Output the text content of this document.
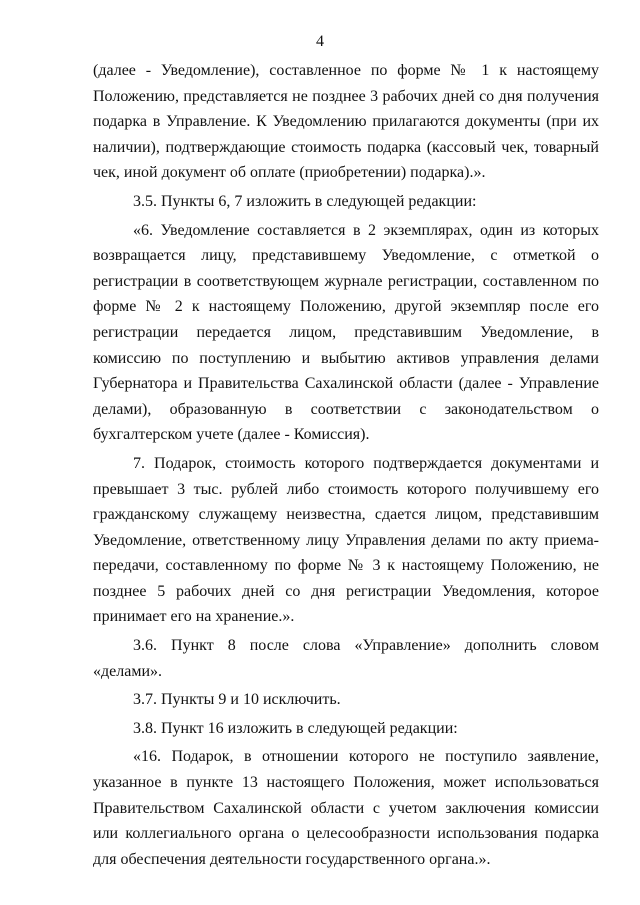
4

(далее - Уведомление), составленное по форме № 1 к настоящему Положению, представляется не позднее 3 рабочих дней со дня получения подарка в Управление. К Уведомлению прилагаются документы (при их наличии), подтверждающие стоимость подарка (кассовый чек, товарный чек, иной документ об оплате (приобретении) подарка).».

3.5. Пункты 6, 7 изложить в следующей редакции:

«6. Уведомление составляется в 2 экземплярах, один из которых возвращается лицу, представившему Уведомление, с отметкой о регистрации в соответствующем журнале регистрации, составленном по форме № 2 к настоящему Положению, другой экземпляр после его регистрации передается лицом, представившим Уведомление, в комиссию по поступлению и выбытию активов управления делами Губернатора и Правительства Сахалинской области (далее - Управление делами), образованную в соответствии с законодательством о бухгалтерском учете (далее - Комиссия).

7. Подарок, стоимость которого подтверждается документами и превышает 3 тыс. рублей либо стоимость которого получившему его гражданскому служащему неизвестна, сдается лицом, представившим Уведомление, ответственному лицу Управления делами по акту приема-передачи, составленному по форме № 3 к настоящему Положению, не позднее 5 рабочих дней со дня регистрации Уведомления, которое принимает его на хранение.».

3.6. Пункт 8 после слова «Управление» дополнить словом «делами».

3.7. Пункты 9 и 10 исключить.

3.8. Пункт 16 изложить в следующей редакции:

«16. Подарок, в отношении которого не поступило заявление, указанное в пункте 13 настоящего Положения, может использоваться Правительством Сахалинской области с учетом заключения комиссии или коллегиального органа о целесообразности использования подарка для обеспечения деятельности государственного органа.».
